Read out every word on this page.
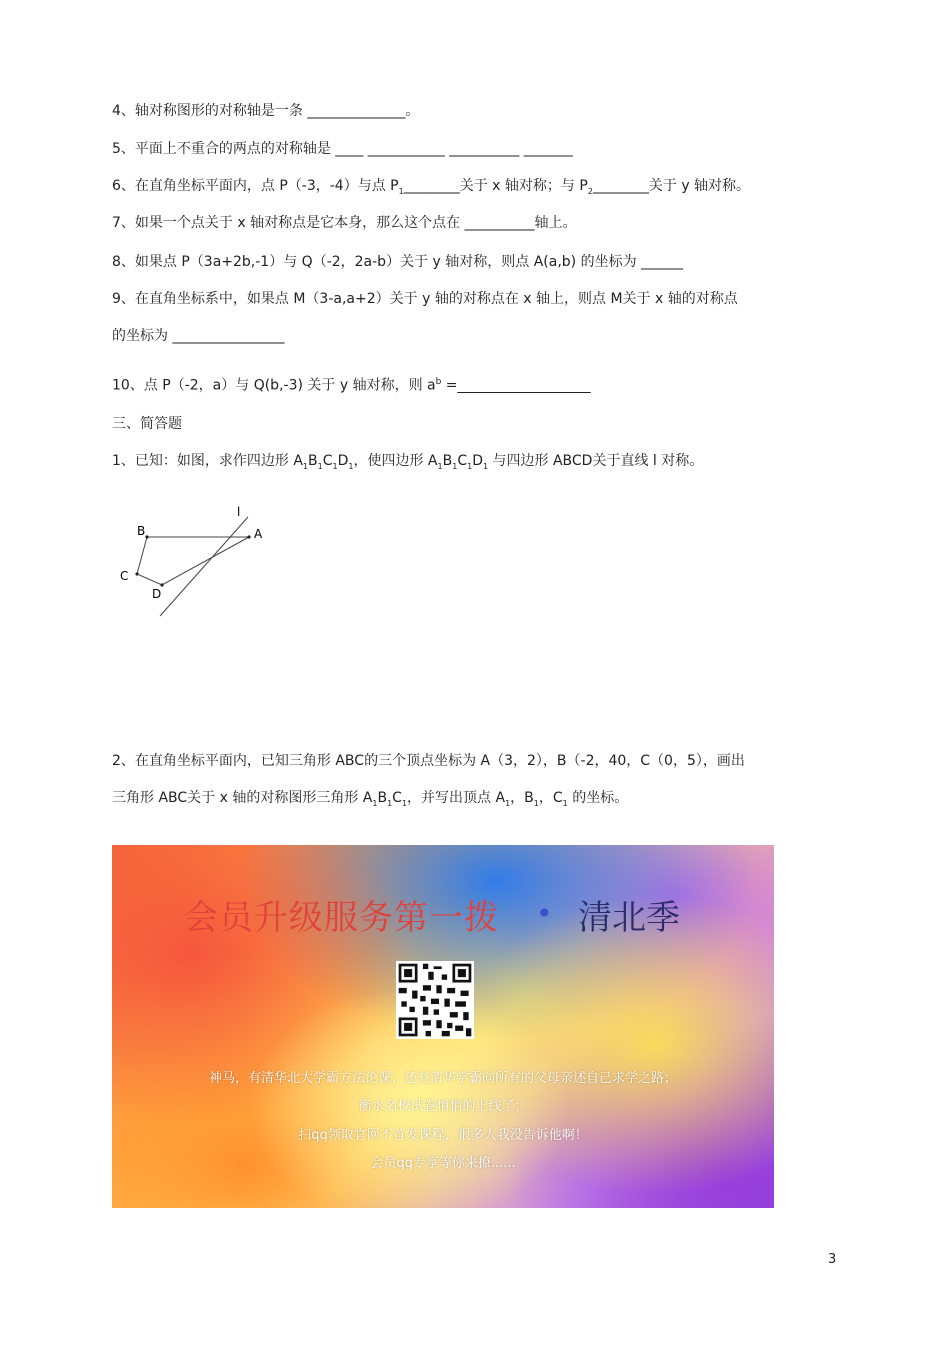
4、轴对称图形的对称轴是一条 ______________。
5、平面上不重合的两点的对称轴是 ____ ___________ __________ _______
6、在直角坐标平面内，点 P（-3，-4）与点 $P_1\_\_\_\_\_\_\_\_$关于 x 轴对称；与 $P_2\_\_\_\_\_\_\_\_$关于 y 轴对称。
7、如果一个点关于 x 轴对称点是它本身，那么这个点在 __________轴上。
8、如果点 P（3a+2b,-1）与 Q（-2，2a-b）关于 y 轴对称，则点 A(a,b) 的坐标为 ______
9、在直角坐标系中，如果点 M（3-a,a+2）关于 y 轴的对称点在 x 轴上，则点 M关于 x 轴的对称点
的坐标为 ________________
10、点 P（-2，a）与 Q(b,-3) 关于 y 轴对称，则 $a^b$ =___________________
三、简答题
1、已知：如图，求作四边形 $A_1B_1C_1D_1$，使四边形 $A_1B_1C_1D_1$ 与四边形 ABCD关于直线 l 对称。
B	A
C
D
l
2、在直角坐标平面内，已知三角形 ABC的三个顶点坐标为 A（3，2），B（-2，40，C（0，5），画出
三角形 ABC关于 x 轴的对称图形三角形 $A_1B_1C_1$，并写出顶点 $A_1$，$B_1$，$C_1$ 的坐标。
会员升级服务第一拨 • 清北季
神马，有清华北大学霸方法论课；还有清华学霸向所有的父母亲述自己求学之路；
衡水名校试卷悄悄的上线了；
扫qq领取官网不首发课程，很多人我没告诉他啊！
会员qq专享等你来撩......
3
